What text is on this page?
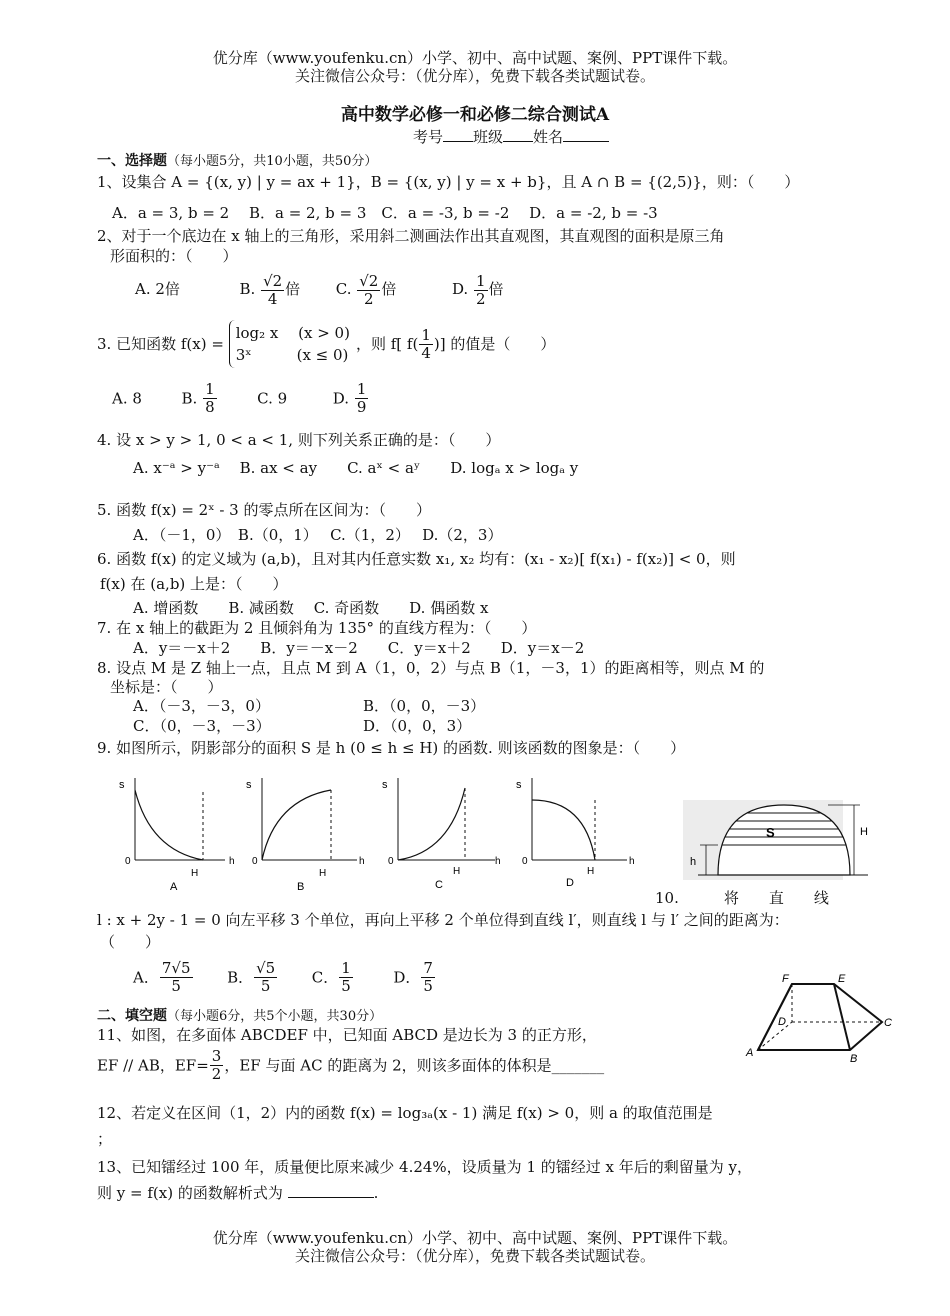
优分库（www.youfenku.cn）小学、初中、高中试题、案例、PPT课件下载。
关注微信公众号：（优分库），免费下载各类试题试卷。
高中数学必修一和必修二综合测试A
考号 班级 姓名
一、选择题（每小题5分，共10小题，共50分）
1、设集合 A = {(x, y) | y = ax + 1}，B = {(x, y) | y = x + b}，且 A ∩ B = {(2,5)}，则：（　　）
A．a = 3, b = 2　 B．a = 2, b = 3　C．a = -3, b = -2　 D．a = -2, b = -3
2、对于一个底边在 x 轴上的三角形，采用斜二测画法作出其直观图，其直观图的面积是原三角
形面积的：（　　）
A. 2倍	B. $\frac{√2}{4}$ 倍 C. $\frac{√2}{2}$ 倍	D. $\frac{1}{2}$ 倍
3. 已知函数 f(x) =
log₂ x　 (x > 0)
3ˣ　　　(x ≤ 0)
，则 f[ $f( \frac{1}{4}$ )] 的值是（　　）
A. 8	B. $\frac{1}{8}$	C. 9	D. $\frac{1}{9}$
4. 设 x > y > 1, 0 < a < 1, 则下列关系正确的是：（　　）
A. x⁻ᵃ > y⁻ᵃ　 B. ax < ay　　C. aˣ < aʸ　　D. logₐ x > logₐ y
5. 函数 f(x) = 2ˣ - 3 的零点所在区间为：（　　）
A．（－1，0）　B.（0，1）　 C.（1，2）　 D.（2，3）
6. 函数 f(x) 的定义域为 (a,b)，且对其内任意实数 x₁, x₂ 均有：(x₁ - x₂)[ f(x₁) - f(x₂)] < 0，则
f(x) 在 (a,b) 上是：（　　）
A. 增函数　　B. 减函数　 C. 奇函数　　D. 偶函数 x
7. 在 x 轴上的截距为 2 且倾斜角为 135° 的直线方程为：（　　）
A．y＝－x＋2　　B．y＝－x－2　　C．y＝x＋2　　D．y＝x－2
8. 设点 M 是 Z 轴上一点，且点 M 到 A（1，0，2）与点 B（1，－3，1）的距离相等，则点 M 的
坐标是：（　　）
A．（－3，－3，0）	B．（0，0，－3）
C．（0，－3，－3）	D．（0，0，3）
9. 如图所示，阴影部分的面积 S 是 h (0 ≤ h ≤ H) 的函数. 则该函数的图象是：（　　）
s
0
H
h
A
s
0
H
h
B
s
0
H
h
C
s
0
H
h
D
S	H
h
10.　　　将　　直　　线
l : x + 2y - 1 = 0 向左平移 3 个单位，再向上平移 2 个单位得到直线 l′，则直线 l 与 l′ 之间的距离为：
（　　）
A． $\frac{7√5}{5}$ B． $\frac{√5}{5}$ C． $\frac{1}{5}$	D． $\frac{7}{5}$	F	E
D	C
A	B
二、填空题（每小题6分，共5个小题，共30分）
11、如图，在多面体 ABCDEF 中，已知面 ABCD 是边长为 3 的正方形，
EF // AB，$EF= \frac{3}{2}$ ，EF 与面 AC 的距离为 2，则该多面体的体积是_______
12、若定义在区间（1，2）内的函数 f(x) = log₃ₐ(x - 1) 满足 f(x) > 0，则 a 的取值范围是
；
13、已知镭经过 100 年，质量便比原来减少 4.24%，设质量为 1 的镭经过 x 年后的剩留量为 y，
则 y = f(x) 的函数解析式为	.
优分库（www.youfenku.cn）小学、初中、高中试题、案例、PPT课件下载。
关注微信公众号：（优分库），免费下载各类试题试卷。
